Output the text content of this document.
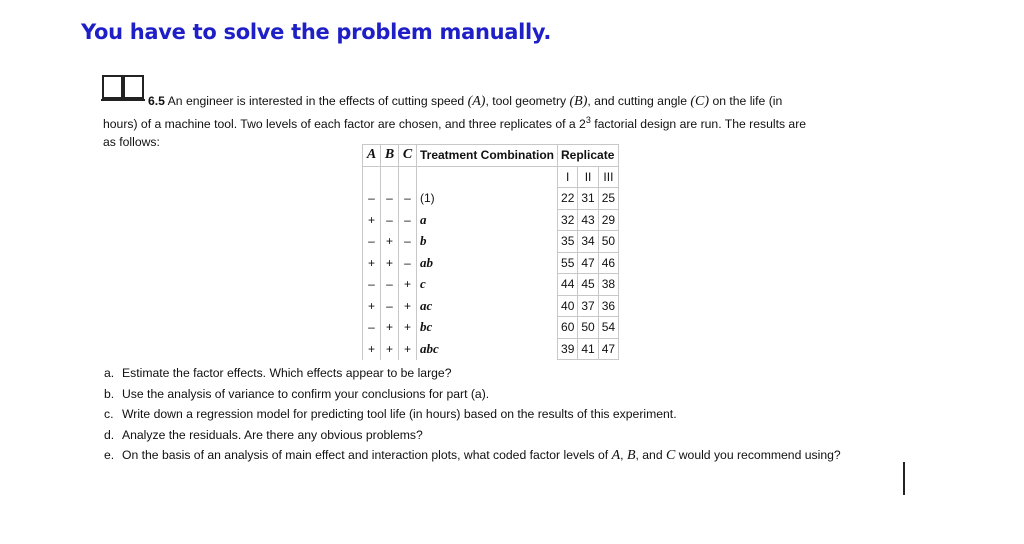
You have to solve the problem manually.

6.5 An engineer is interested in the effects of cutting speed (A), tool geometry (B), and cutting angle (C) on the life (in
hours) of a machine tool. Two levels of each factor are chosen, and three replicates of a $2^3$ factorial design are run. The results are
as follows:

A	B	C	Treatment Combination	Replicate		
				I	II	III
–	–	–	(1)	22	31	25
+	–	–	a	32	43	29
–	+	–	b	35	34	50
+	+	–	ab	55	47	46
–	–	+	c	44	45	38
+	–	+	ac	40	37	36
–	+	+	bc	60	50	54
+	+	+	abc	39	41	47
a. Estimate the factor effects. Which effects appear to be large?
b. Use the analysis of variance to confirm your conclusions for part (a).
c. Write down a regression model for predicting tool life (in hours) based on the results of this experiment.
d. Analyze the residuals. Are there any obvious problems?
e. On the basis of an analysis of main effect and interaction plots, what coded factor levels of A, B, and C would you recommend using?
